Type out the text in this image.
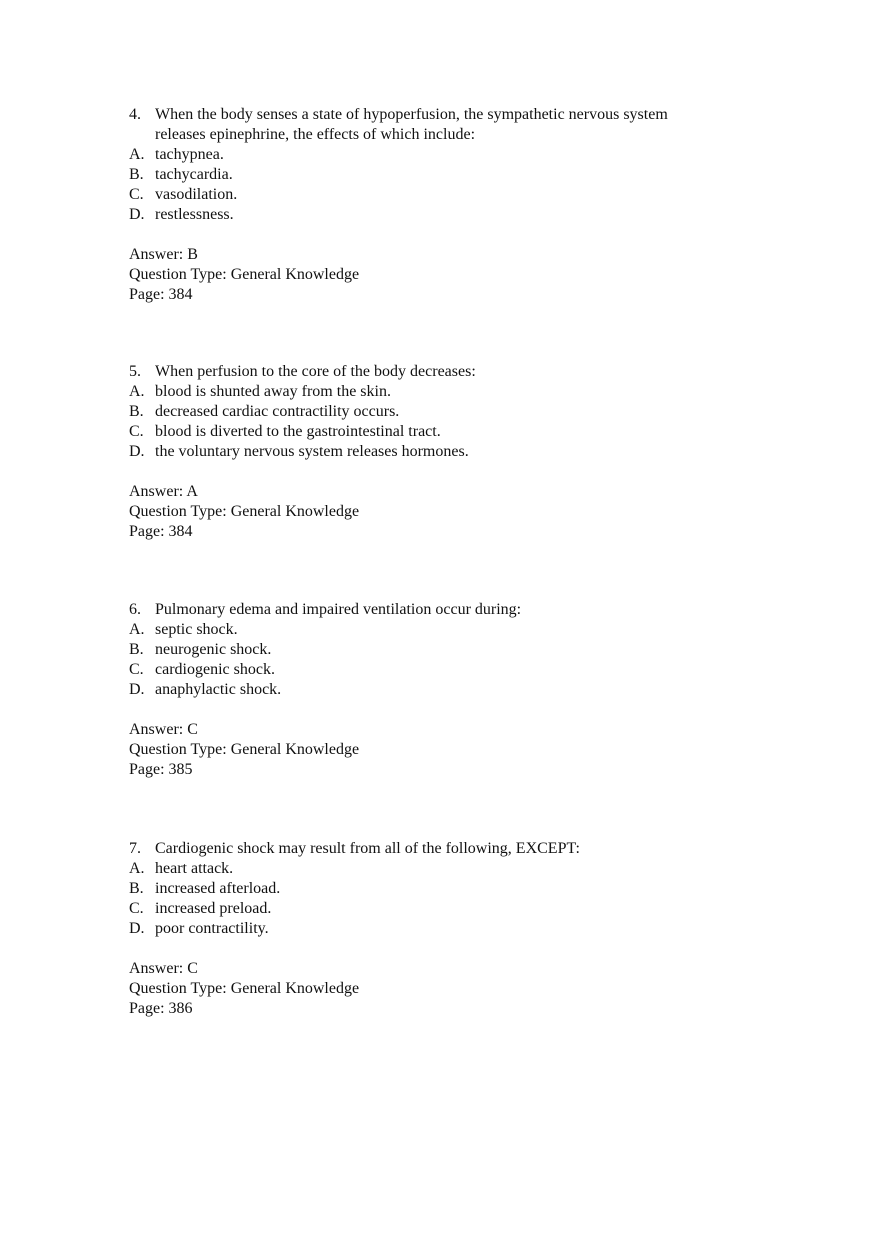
4. When the body senses a state of hypoperfusion, the sympathetic nervous system
releases epinephrine, the effects of which include:
A. tachypnea.
B. tachycardia.
C. vasodilation.
D. restlessness.
Answer: B
Question Type: General Knowledge
Page: 384
5. When perfusion to the core of the body decreases:
A. blood is shunted away from the skin.
B. decreased cardiac contractility occurs.
C. blood is diverted to the gastrointestinal tract.
D. the voluntary nervous system releases hormones.
Answer: A
Question Type: General Knowledge
Page: 384
6. Pulmonary edema and impaired ventilation occur during:
A. septic shock.
B. neurogenic shock.
C. cardiogenic shock.
D. anaphylactic shock.
Answer: C
Question Type: General Knowledge
Page: 385
7. Cardiogenic shock may result from all of the following, EXCEPT:
A. heart attack.
B. increased afterload.
C. increased preload.
D. poor contractility.
Answer: C
Question Type: General Knowledge
Page: 386
